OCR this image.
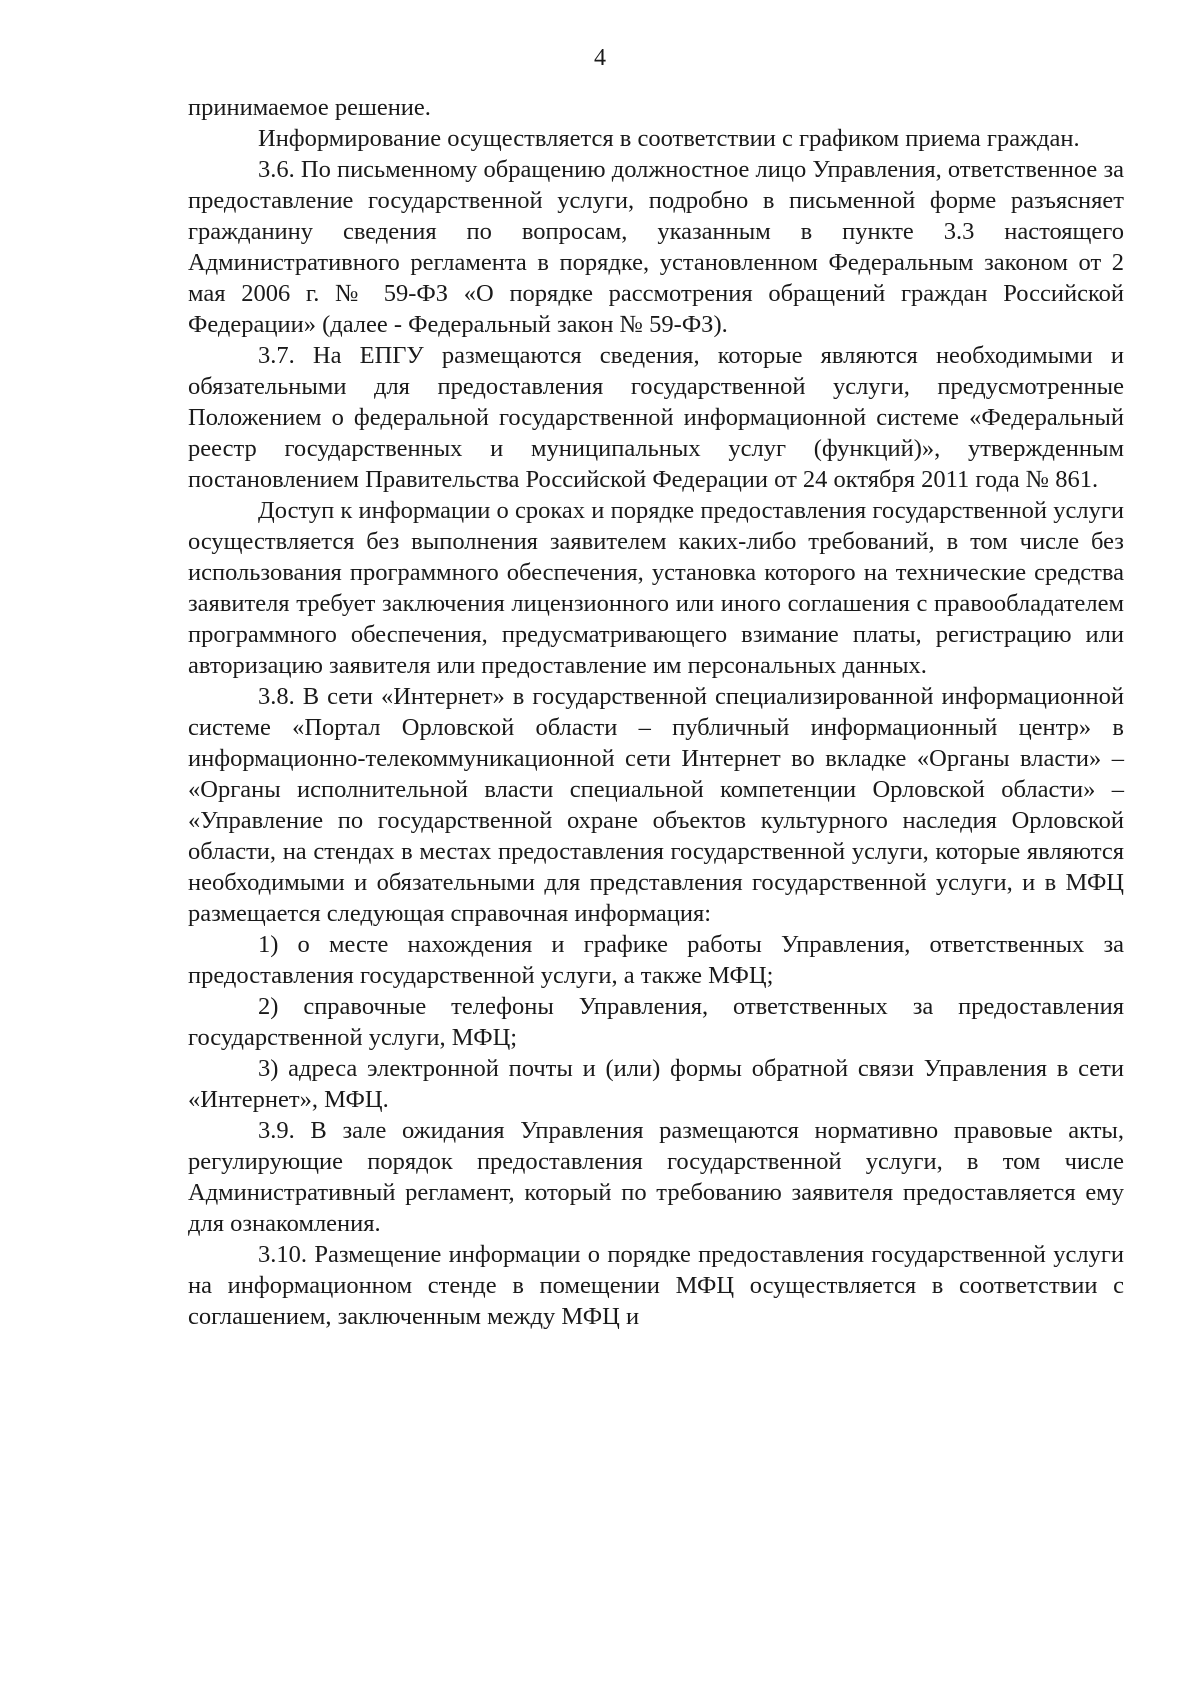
4

принимаемое решение.

Информирование осуществляется в соответствии с графиком приема граждан.

3.6. По письменному обращению должностное лицо Управления, ответственное за предоставление государственной услуги, подробно в письменной форме разъясняет гражданину сведения по вопросам, указанным в пункте 3.3 настоящего Административного регламента в порядке, установленном Федеральным законом от 2 мая 2006 г. № 59-ФЗ «О порядке рассмотрения обращений граждан Российской Федерации» (далее - Федеральный закон № 59-ФЗ).

3.7. На ЕПГУ размещаются сведения, которые являются необходимыми и обязательными для предоставления государственной услуги, предусмотренные Положением о федеральной государственной информационной системе «Федеральный реестр государственных и муниципальных услуг (функций)», утвержденным постановлением Правительства Российской Федерации от 24 октября 2011 года № 861.

Доступ к информации о сроках и порядке предоставления государственной услуги осуществляется без выполнения заявителем каких-либо требований, в том числе без использования программного обеспечения, установка которого на технические средства заявителя требует заключения лицензионного или иного соглашения с правообладателем программного обеспечения, предусматривающего взимание платы, регистрацию или авторизацию заявителя или предоставление им персональных данных.

3.8. В сети «Интернет» в государственной специализированной информационной системе «Портал Орловской области – публичный информационный центр» в информационно-телекоммуникационной сети Интернет во вкладке «Органы власти» – «Органы исполнительной власти специальной компетенции Орловской области» – «Управление по государственной охране объектов культурного наследия Орловской области, на стендах в местах предоставления государственной услуги, которые являются необходимыми и обязательными для представления государственной услуги, и в МФЦ размещается следующая справочная информация:

1) о месте нахождения и графике работы Управления, ответственных за предоставления государственной услуги, а также МФЦ;

2) справочные телефоны Управления, ответственных за предоставления государственной услуги, МФЦ;

3) адреса электронной почты и (или) формы обратной связи Управления в сети «Интернет», МФЦ.

3.9. В зале ожидания Управления размещаются нормативно правовые акты, регулирующие порядок предоставления государственной услуги, в том числе Административный регламент, который по требованию заявителя предоставляется ему для ознакомления.

3.10. Размещение информации о порядке предоставления государственной услуги на информационном стенде в помещении МФЦ осуществляется в соответствии с соглашением, заключенным между МФЦ и
